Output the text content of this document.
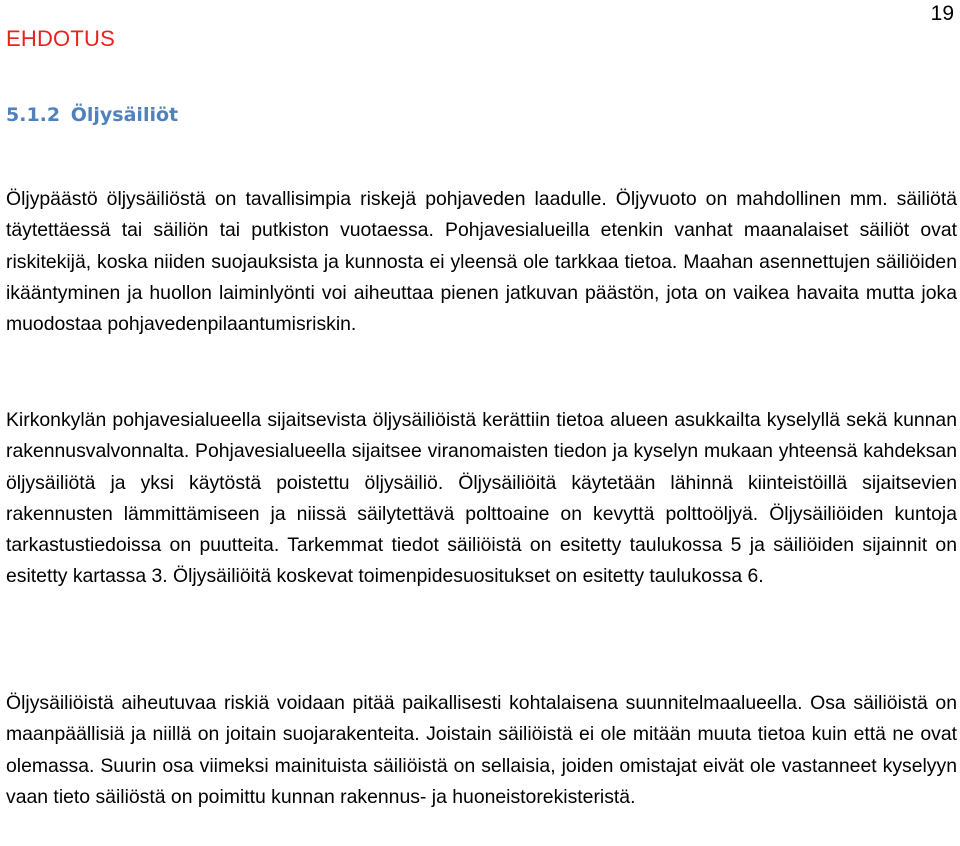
EHDOTUS
19
5.1.2 Öljysäiliöt

Öljypäästö öljysäiliöstä on tavallisimpia riskejä pohjaveden laadulle. Öljyvuoto on mahdollinen mm. säiliötä täytettäessä tai säiliön tai putkiston vuotaessa. Pohjavesialueilla etenkin vanhat maanalaiset säiliöt ovat riskitekijä, koska niiden suojauksista ja kunnosta ei yleensä ole tarkkaa tietoa. Maahan asennettujen säiliöiden ikääntyminen ja huollon laiminlyönti voi aiheuttaa pienen jatkuvan päästön, jota on vaikea havaita mutta joka muodostaa pohjavedenpilaantumisriskin.

Kirkonkylän pohjavesialueella sijaitsevista öljysäiliöistä kerättiin tietoa alueen asukkailta kyselyllä sekä kunnan rakennusvalvonnalta. Pohjavesialueella sijaitsee viranomaisten tiedon ja kyselyn mukaan yhteensä kahdeksan öljysäiliötä ja yksi käytöstä poistettu öljysäiliö. Öljysäiliöitä käytetään lähinnä kiinteistöillä sijaitsevien rakennusten lämmittämiseen ja niissä säilytettävä polttoaine on kevyttä polttoöljyä. Öljysäiliöiden kuntoja tarkastustiedoissa on puutteita. Tarkemmat tiedot säiliöistä on esitetty taulukossa 5 ja säiliöiden sijainnit on esitetty kartassa 3. Öljysäiliöitä koskevat toimenpidesuositukset on esitetty taulukossa 6.

Öljysäiliöistä aiheutuvaa riskiä voidaan pitää paikallisesti kohtalaisena suunnitelmaalueella. Osa säiliöistä on maanpäällisiä ja niillä on joitain suojarakenteita. Joistain säiliöistä ei ole mitään muuta tietoa kuin että ne ovat olemassa. Suurin osa viimeksi mainituista säiliöistä on sellaisia, joiden omistajat eivät ole vastanneet kyselyyn vaan tieto säiliöstä on poimittu kunnan rakennus- ja huoneistorekisteristä.
